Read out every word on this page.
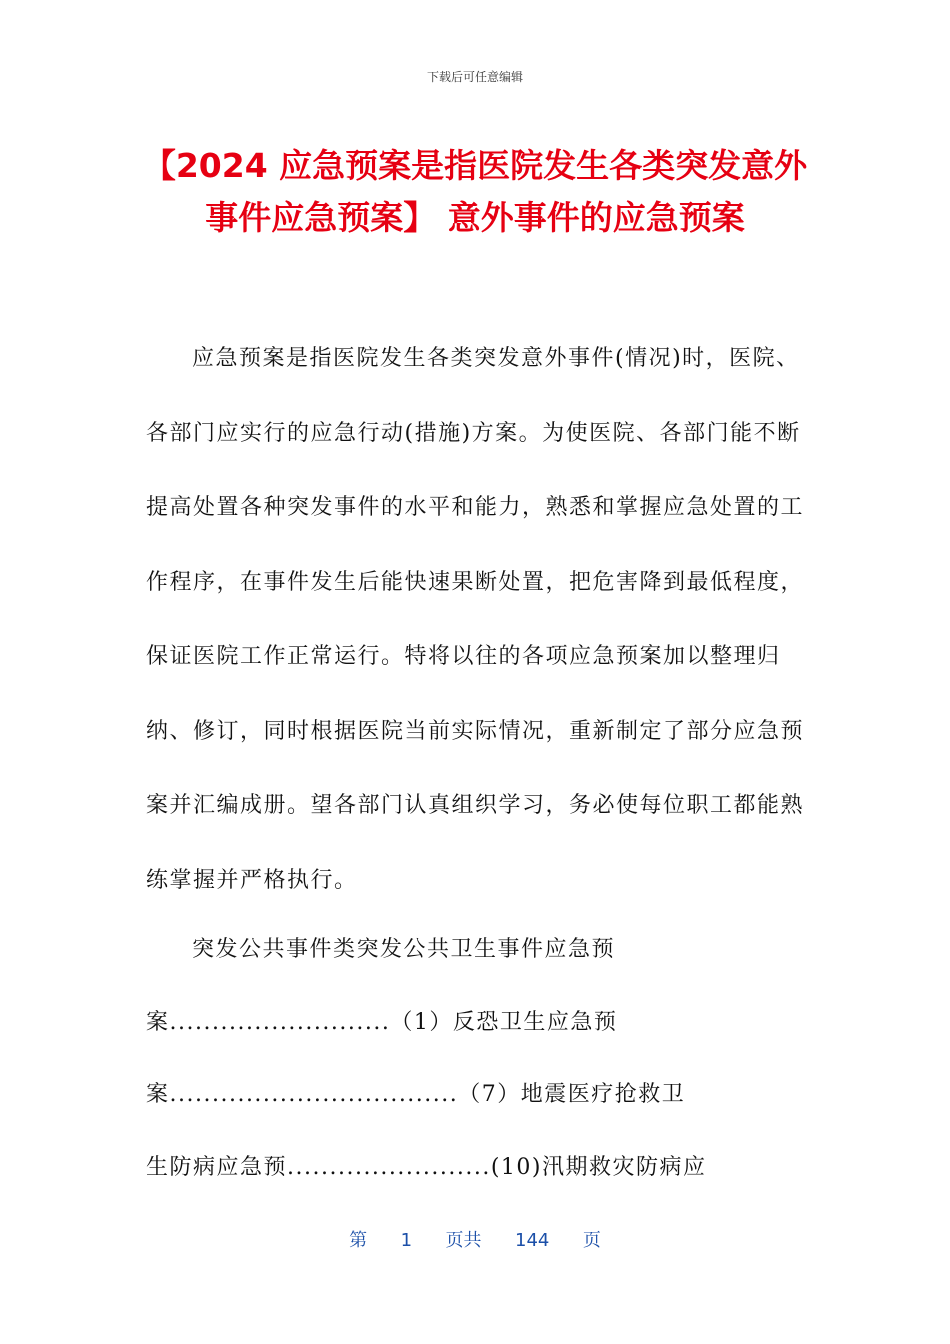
下载后可任意编辑
【2024 应急预案是指医院发生各类突发意外
事件应急预案】 意外事件的应急预案
应急预案是指医院发生各类突发意外事件(情况)时，医院、各部门应实行的应急行动(措施)方案。为使医院、各部门能不断提高处置各种突发事件的水平和能力，熟悉和掌握应急处置的工作程序，在事件发生后能快速果断处置，把危害降到最低程度，保证医院工作正常运行。特将以往的各项应急预案加以整理归纳、修订，同时根据医院当前实际情况，重新制定了部分应急预案并汇编成册。望各部门认真组织学习，务必使每位职工都能熟练掌握并严格执行。
突发公共事件类突发公共卫生事件应急预
案..........................（1）反恐卫生应急预
案..................................（7）地震医疗抢救卫
生防病应急预........................(10)汛期救灾防病应
第 1 页共 144 页
